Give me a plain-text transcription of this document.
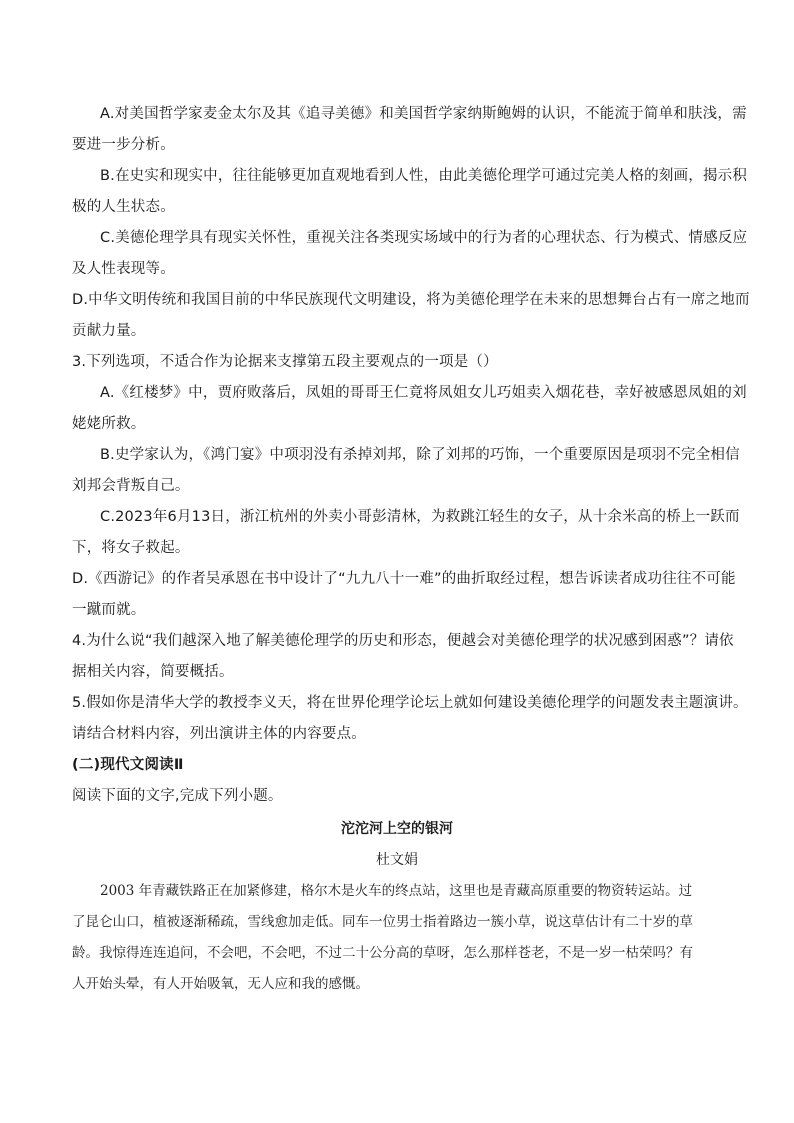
A.对美国哲学家麦金太尔及其《追寻美德》和美国哲学家纳斯鲍姆的认识，不能流于简单和肤浅，需
要进一步分析。
B.在史实和现实中，往往能够更加直观地看到人性，由此美德伦理学可通过完美人格的刻画，揭示积
极的人生状态。
C.美德伦理学具有现实关怀性，重视关注各类现实场域中的行为者的心理状态、行为模式、情感反应
及人性表现等。
D.中华文明传统和我国目前的中华民族现代文明建设，将为美德伦理学在未来的思想舞台占有一席之地而
贡献力量。
3.下列选项，不适合作为论据来支撑第五段主要观点的一项是（）
A.《红楼梦》中，贾府败落后，凤姐的哥哥王仁竟将凤姐女儿巧姐卖入烟花巷，幸好被感恩凤姐的刘
姥姥所救。
B.史学家认为，《鸿门宴》中项羽没有杀掉刘邦，除了刘邦的巧饰，一个重要原因是项羽不完全相信
刘邦会背叛自己。
C.2023年6月13日，浙江杭州的外卖小哥彭清林，为救跳江轻生的女子，从十余米高的桥上一跃而
下，将女子救起。
D.《西游记》的作者吴承恩在书中设计了“九九八十一难”的曲折取经过程，想告诉读者成功往往不可能
一蹴而就。
4.为什么说“我们越深入地了解美德伦理学的历史和形态，便越会对美德伦理学的状况感到困惑”？请依
据相关内容，简要概括。
5.假如你是清华大学的教授李义天，将在世界伦理学论坛上就如何建设美德伦理学的问题发表主题演讲。
请结合材料内容，列出演讲主体的内容要点。
(二)现代文阅读Ⅱ
阅读下面的文字,完成下列小题。
沱沱河上空的银河
杜文娟
2003 年青藏铁路正在加紧修建，格尔木是火车的终点站，这里也是青藏高原重要的物资转运站。过
了昆仑山口，植被逐渐稀疏，雪线愈加走低。同车一位男士指着路边一簇小草，说这草估计有二十岁的草
龄。我惊得连连追问，不会吧，不会吧，不过二十公分高的草呀，怎么那样苍老，不是一岁一枯荣吗？有
人开始头晕，有人开始吸氧，无人应和我的感慨。
